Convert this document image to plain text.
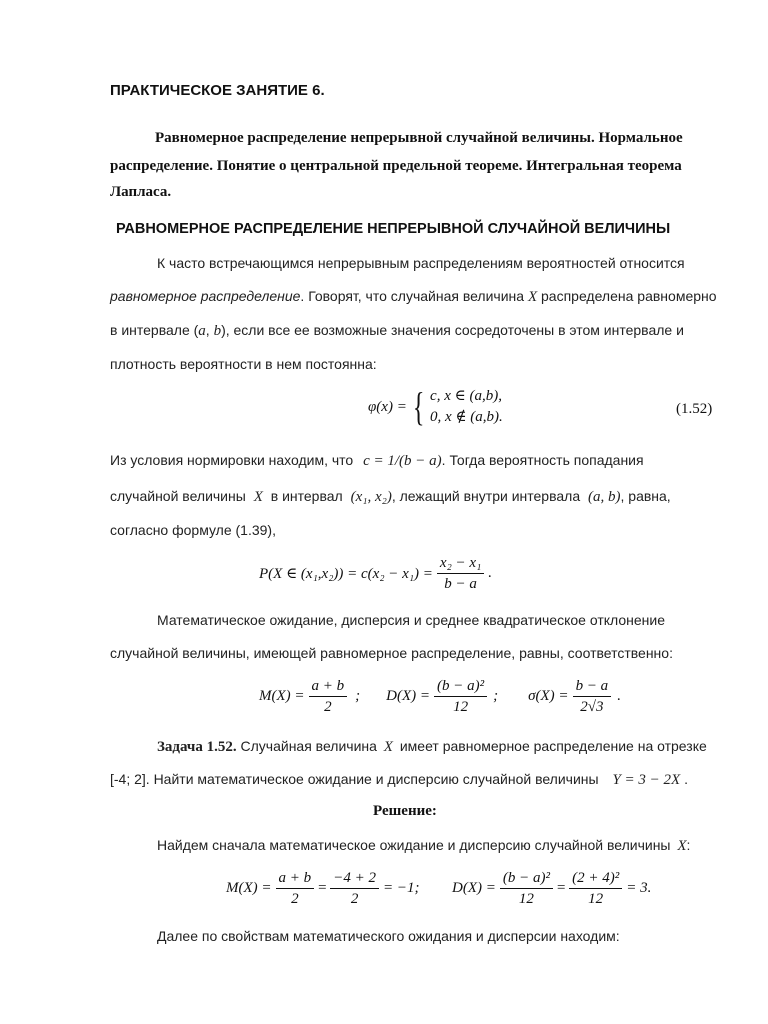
ПРАКТИЧЕСКОЕ ЗАНЯТИЕ 6.
Равномерное распределение непрерывной случайной величины. Нормальное
распределение. Понятие о центральной предельной теореме. Интегральная теорема
Лапласа.
РАВНОМЕРНОЕ РАСПРЕДЕЛЕНИЕ НЕПРЕРЫВНОЙ СЛУЧАЙНОЙ ВЕЛИЧИНЫ
К часто встречающимся непрерывным распределениям вероятностей относится
равномерное распределение. Говорят, что случайная величина X распределена равномерно
в интервале (a, b), если все ее возможные значения сосредоточены в этом интервале и
плотность вероятности в нем постоянна:
φ(x) = { c, x ∈ (a,b),
0, x ∉ (a,b).	(1.52)
Из условия нормировки находим, что c = 1/(b − a). Тогда вероятность попадания
случайной величины X в интервал (x₁, x₂), лежащий внутри интервала (a, b), равна,
согласно формуле (1.39),
P(X ∈ $(x_1,x_2)) = c(x_2 - x_1) = \frac{\text{x₂ − x₁}}{b - a}$ .
Математическое ожидание, дисперсия и среднее квадратическое отклонение
случайной величины, имеющей равномерное распределение, равны, соответственно:
$M(X) = \frac{a + b}{2}$ ; $D(X) = \frac{\text{(b − a)²}}{12}$ ; $\sigma(X) = \frac{b - a}{2√3}$ .
Задача 1.52. Случайная величина X имеет равномерное распределение на отрезке
[-4; 2]. Найти математическое ожидание и дисперсию случайной величины Y = 3 − 2X .
Решение:
Найдем сначала математическое ожидание и дисперсию случайной величины X:
$M(X) = \frac{a + b}{2} = \frac{-4 + 2}{2} = -1$; $D(X) = \frac{\text{(b − a)²}}{12} = \frac{\text{(2 + 4)²}}{12} = 3$.
Далее по свойствам математического ожидания и дисперсии находим:
